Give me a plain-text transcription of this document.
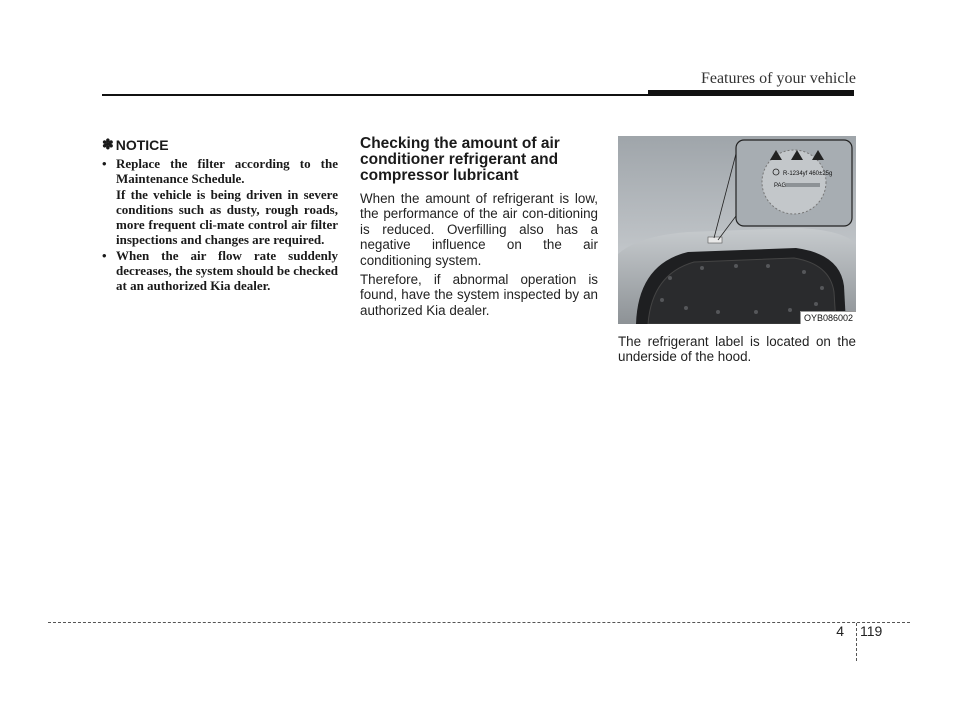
Features of your vehicle
✽ NOTICE
• Replace the filter according to the Maintenance Schedule.
If the vehicle is being driven in severe conditions such as dusty, rough roads, more frequent cli-mate control air filter inspections and changes are required.
• When the air flow rate suddenly decreases, the system should be checked at an authorized Kia dealer.
Checking the amount of air conditioner refrigerant and compressor lubricant

When the amount of refrigerant is low, the performance of the air con-ditioning is reduced. Overfilling also has a negative influence on the air conditioning system.

Therefore, if abnormal operation is found, have the system inspected by an authorized Kia dealer.

R-1234yf 460±25g
PAG
OYB086002

The refrigerant label is located on the underside of the hood.

4 119
